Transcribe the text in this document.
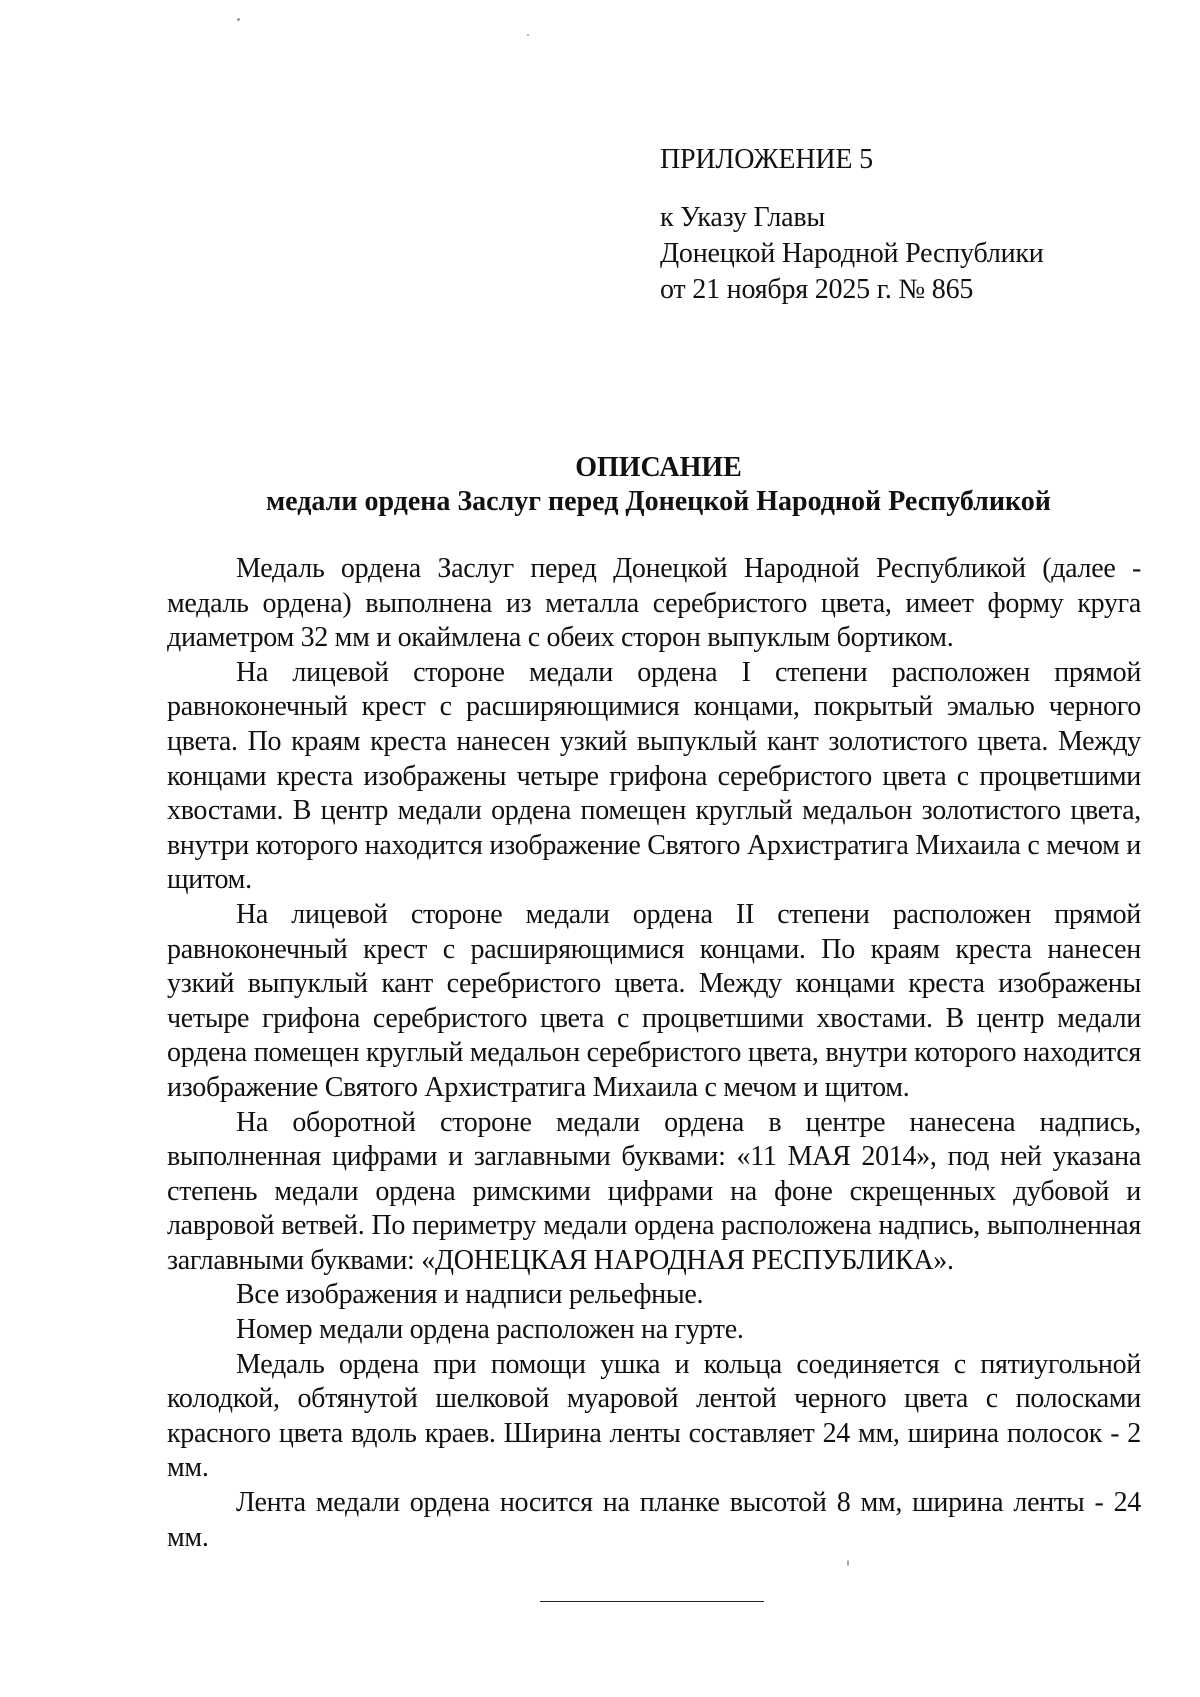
ПРИЛОЖЕНИЕ 5
к Указу Главы
Донецкой Народной Республики
от 21 ноября 2025 г. № 865
ОПИСАНИЕ
медали ордена Заслуг перед Донецкой Народной Республикой

Медаль ордена Заслуг перед Донецкой Народной Республикой (далее - медаль ордена) выполнена из металла серебристого цвета, имеет форму круга диаметром 32 мм и окаймлена с обеих сторон выпуклым бортиком.

На лицевой стороне медали ордена I степени расположен прямой равноконечный крест с расширяющимися концами, покрытый эмалью черного цвета. По краям креста нанесен узкий выпуклый кант золотистого цвета. Между концами креста изображены четыре грифона серебристого цвета с процветшими хвостами. В центр медали ордена помещен круглый медальон золотистого цвета, внутри которого находится изображение Святого Архистратига Михаила с мечом и щитом.

На лицевой стороне медали ордена II степени расположен прямой равноконечный крест с расширяющимися концами. По краям креста нанесен узкий выпуклый кант серебристого цвета. Между концами креста изображены четыре грифона серебристого цвета с процветшими хвостами. В центр медали ордена помещен круглый медальон серебристого цвета, внутри которого находится изображение Святого Архистратига Михаила с мечом и щитом.

На оборотной стороне медали ордена в центре нанесена надпись, выполненная цифрами и заглавными буквами: «11 МАЯ 2014», под ней указана степень медали ордена римскими цифрами на фоне скрещенных дубовой и лавровой ветвей. По периметру медали ордена расположена надпись, выполненная заглавными буквами: «ДОНЕЦКАЯ НАРОДНАЯ РЕСПУБЛИКА».

Все изображения и надписи рельефные.

Номер медали ордена расположен на гурте.

Медаль ордена при помощи ушка и кольца соединяется с пятиугольной колодкой, обтянутой шелковой муаровой лентой черного цвета с полосками красного цвета вдоль краев. Ширина ленты составляет 24 мм, ширина полосок - 2 мм.

Лента медали ордена носится на планке высотой 8 мм, ширина ленты - 24 мм.
